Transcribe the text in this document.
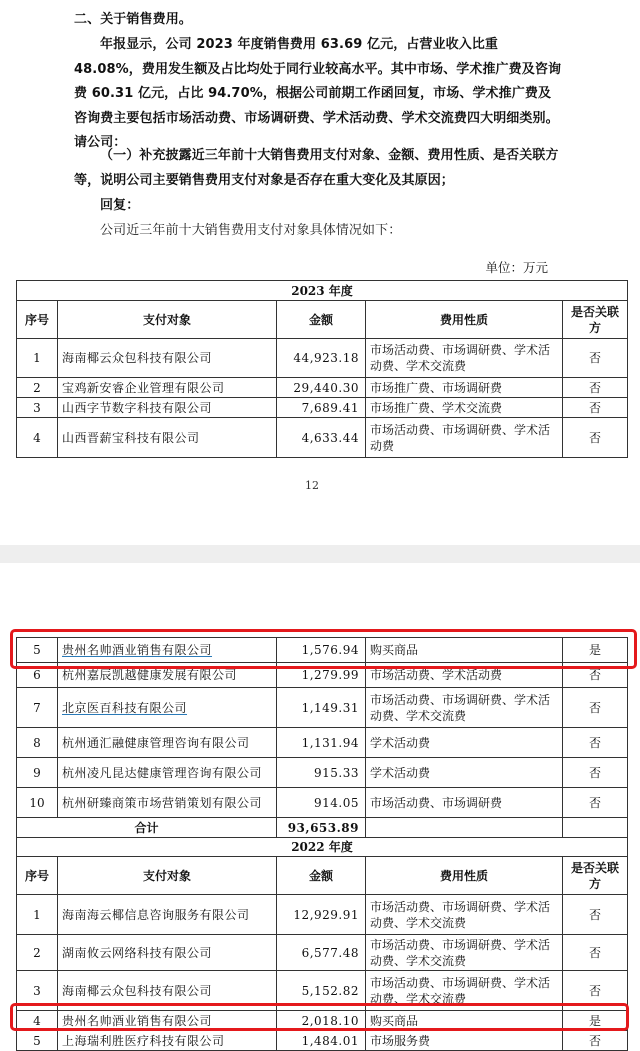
二、关于销售费用。
年报显示，公司 2023 年度销售费用 63.69 亿元，占营业收入比重 48.08%，费用发生额及占比均处于同行业较高水平。其中市场、学术推广费及咨询费 60.31 亿元，占比 94.70%，根据公司前期工作函回复，市场、学术推广费及咨询费主要包括市场活动费、市场调研费、学术活动费、学术交流费四大明细类别。请公司：
（一）补充披露近三年前十大销售费用支付对象、金额、费用性质、是否关联方等，说明公司主要销售费用支付对象是否存在重大变化及其原因；
回复：
公司近三年前十大销售费用支付对象具体情况如下：
单位：万元
2023 年度				
序号	支付对象	金额	费用性质	是否关联方
1	海南椰云众包科技有限公司	44,923.18	市场活动费、市场调研费、学术活动费、学术交流费	否
2	宝鸡新安睿企业管理有限公司	29,440.30	市场推广费、市场调研费	否
3	山西字节数字科技有限公司	7,689.41	市场推广费、学术交流费	否
4	山西晋薪宝科技有限公司	4,633.44	市场活动费、市场调研费、学术活动费	否
12
5	贵州名帅酒业销售有限公司	1,576.94	购买商品	是
6	杭州嘉辰凯越健康发展有限公司	1,279.99	市场活动费、学术活动费	否
7	北京医百科技有限公司	1,149.31	市场活动费、市场调研费、学术活动费、学术交流费	否
8	杭州通汇融健康管理咨询有限公司	1,131.94	学术活动费	否
9	杭州凌凡昆达健康管理咨询有限公司	915.33	学术活动费	否
10	杭州研臻商策市场营销策划有限公司	914.05	市场活动费、市场调研费	否
合计		93,653.89		
2022 年度				
序号	支付对象	金额	费用性质	是否关联方
1	海南海云椰信息咨询服务有限公司	12,929.91	市场活动费、市场调研费、学术活动费、学术交流费	否
2	湖南攸云网络科技有限公司	6,577.48	市场活动费、市场调研费、学术活动费、学术交流费	否
3	海南椰云众包科技有限公司	5,152.82	市场活动费、市场调研费、学术活动费、学术交流费	否
4	贵州名帅酒业销售有限公司	2,018.10	购买商品	是
5	上海瑞利胜医疗科技有限公司	1,484.01	市场服务费	否
